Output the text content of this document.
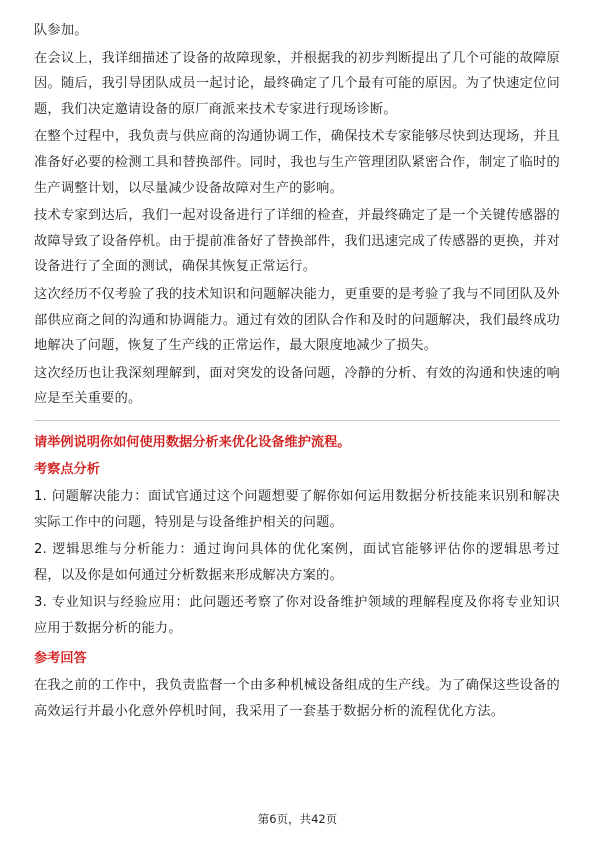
队参加。

在会议上，我详细描述了设备的故障现象，并根据我的初步判断提出了几个可能的故障原因。随后，我引导团队成员一起讨论，最终确定了几个最有可能的原因。为了快速定位问题，我们决定邀请设备的原厂商派来技术专家进行现场诊断。

在整个过程中，我负责与供应商的沟通协调工作，确保技术专家能够尽快到达现场，并且准备好必要的检测工具和替换部件。同时，我也与生产管理团队紧密合作，制定了临时的生产调整计划，以尽量减少设备故障对生产的影响。

技术专家到达后，我们一起对设备进行了详细的检查，并最终确定了是一个关键传感器的故障导致了设备停机。由于提前准备好了替换部件，我们迅速完成了传感器的更换，并对设备进行了全面的测试，确保其恢复正常运行。

这次经历不仅考验了我的技术知识和问题解决能力，更重要的是考验了我与不同团队及外部供应商之间的沟通和协调能力。通过有效的团队合作和及时的问题解决，我们最终成功地解决了问题，恢复了生产线的正常运作，最大限度地减少了损失。

这次经历也让我深刻理解到，面对突发的设备问题，冷静的分析、有效的沟通和快速的响应是至关重要的。

请举例说明你如何使用数据分析来优化设备维护流程。
考察点分析

1. 问题解决能力：面试官通过这个问题想要了解你如何运用数据分析技能来识别和解决实际工作中的问题，特别是与设备维护相关的问题。

2. 逻辑思维与分析能力：通过询问具体的优化案例，面试官能够评估你的逻辑思考过程，以及你是如何通过分析数据来形成解决方案的。

3. 专业知识与经验应用：此问题还考察了你对设备维护领域的理解程度及你将专业知识应用于数据分析的能力。

参考回答

在我之前的工作中，我负责监督一个由多种机械设备组成的生产线。为了确保这些设备的高效运行并最小化意外停机时间，我采用了一套基于数据分析的流程优化方法。

第6页，共42页
